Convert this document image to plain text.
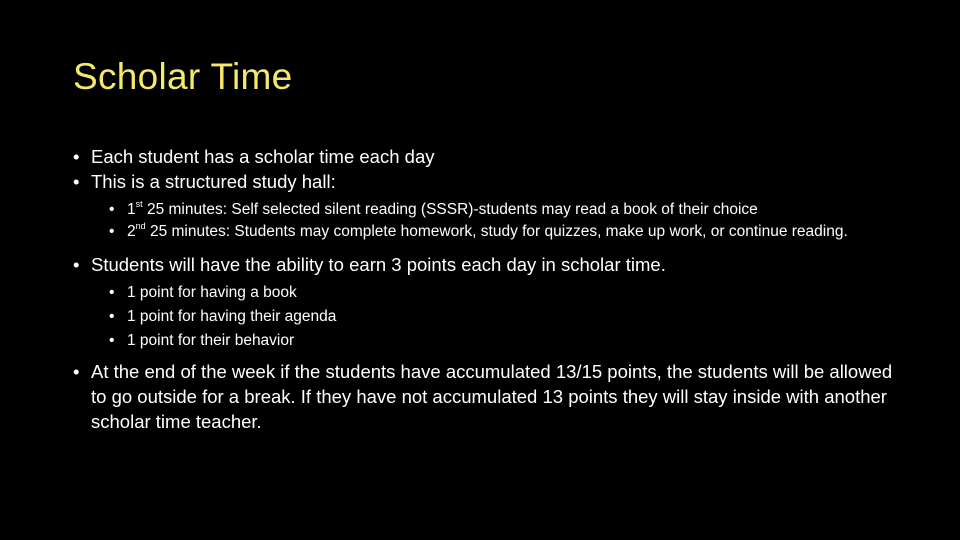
Scholar Time
• Each student has a scholar time each day
• This is a structured study hall:
• 1st 25 minutes: Self selected silent reading (SSSR)-students may read a book of their choice
• 2nd 25 minutes: Students may complete homework, study for quizzes, make up work, or continue reading.
• Students will have the ability to earn 3 points each day in scholar time.
• 1 point for having a book
• 1 point for having their agenda
• 1 point for their behavior
• At the end of the week if the students have accumulated 13/15 points, the students will be allowed to go outside for a break. If they have not accumulated 13 points they will stay inside with another scholar time teacher.
